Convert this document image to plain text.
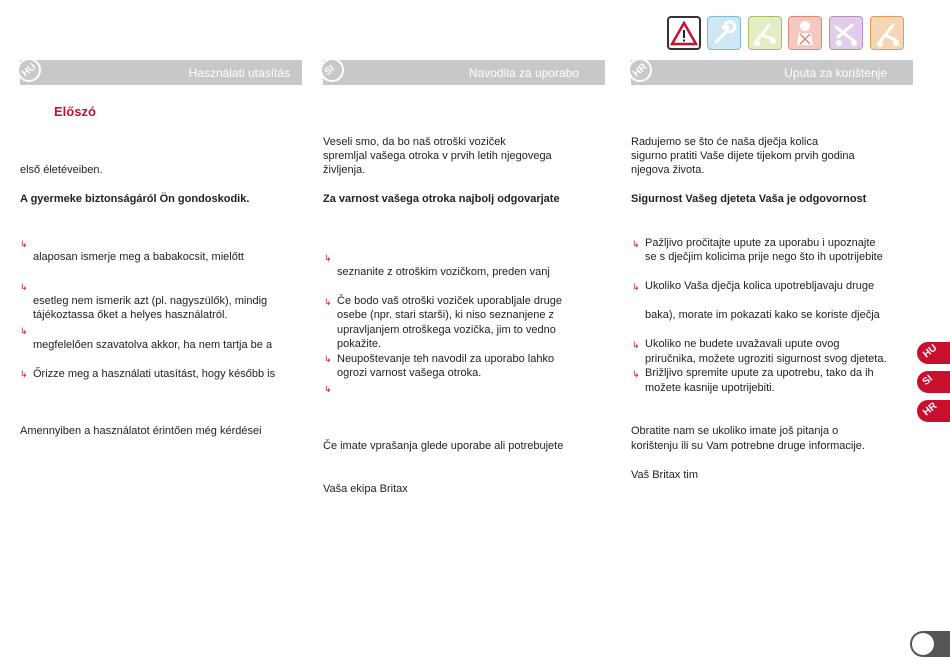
HU	Használati utasítás	SI	Navodila za uporabo	HR	Uputa za korištenje
Előszó
első életéveiben.
A gyermeke biztonságáról Ön gondoskodik.
↳
alaposan ismerje meg a babakocsit, mielőtt
↳
esetleg nem ismerik azt (pl. nagyszülők), mindig
tájékoztassa őket a helyes használatról.
↳
megfelelően szavatolva akkor, ha nem tartja be a
↳ Őrizze meg a használati utasítást, hogy később is
Amennyiben a használatot érintően még kérdései
Veseli smo, da bo naš otroški voziček
spremljal vašega otroka v prvih letih njegovega
življenja.
Za varnost vašega otroka najbolj odgovarjate
↳
seznanite z otroškim vozičkom, preden vanj
↳ Če bodo vaš otroški voziček uporabljale druge
osebe (npr. stari starši), ki niso seznanjene z
upravljanjem otroškega vozička, jim to vedno
pokažite.
↳ Neupoštevanje teh navodil za uporabo lahko
ogrozi varnost vašega otroka.
↳
Če imate vprašanja glede uporabe ali potrebujete
Vaša ekipa Britax
Radujemo se što će naša dječja kolica
sigurno pratiti Vaše dijete tijekom prvih godina
njegova života.
Sigurnost Vašeg djeteta Vaša je odgovornost
↳ Pažljivo pročitajte upute za uporabu i upoznajte
se s dječjim kolicima prije nego što ih upotrijebite
↳ Ukoliko Vaša dječja kolica upotrebljavaju druge
baka), morate im pokazati kako se koriste dječja
↳ Ukoliko ne budete uvažavali upute ovog
priručnika, možete ugroziti sigurnost svog djeteta.
↳ Brižljivo spremite upute za upotrebu, tako da ih
možete kasnije upotrijebiti.
Obratite nam se ukoliko imate još pitanja o
korištenju ili su Vam potrebne druge informacije.
Vaš Britax tim
HU
SI
HR
